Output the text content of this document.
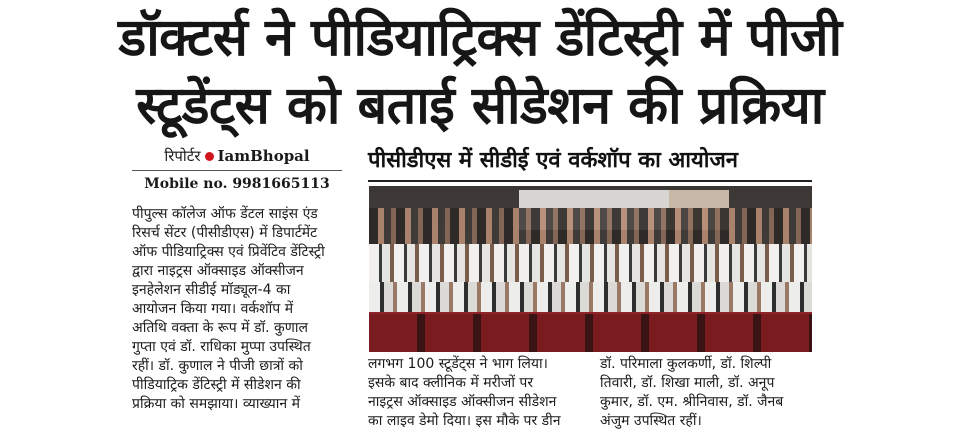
डॉक्टर्स ने पीडियाट्रिक्स डेंटिस्ट्री में पीजी
स्टूडेंट्स को बताई सीडेशन की प्रक्रिया
रिपोर्टर IamBhopal
Mobile no. 9981665113
पीसीडीएस में सीडीई एवं वर्कशॉप का आयोजन
पीपुल्स कॉलेज ऑफ डेंटल साइंस एंड
रिसर्च सेंटर (पीसीडीएस) में डिपार्टमेंट
ऑफ पीडियाट्रिक्स एवं प्रिवेंटिव डेंटिस्ट्री
द्वारा नाइट्रस ऑक्साइड ऑक्सीजन
इनहेलेशन सीडीई मॉड्यूल-4 का
आयोजन किया गया। वर्कशॉप में
अतिथि वक्ता के रूप में डॉ. कुणाल
गुप्ता एवं डॉ. राधिका मुप्पा उपस्थित
रहीं। डॉ. कुणाल ने पीजी छात्रों को
पीडियाट्रिक डेंटिस्ट्री में सीडेशन की
प्रक्रिया को समझाया। व्याख्यान में
लगभग 100 स्टूडेंट्स ने भाग लिया।
इसके बाद क्लीनिक में मरीजों पर
नाइट्रस ऑक्साइड ऑक्सीजन सीडेशन
का लाइव डेमो दिया। इस मौके पर डीन
डॉ. परिमाला कुलकर्णी, डॉ. शिल्पी
तिवारी, डॉ. शिखा माली, डॉ. अनूप
कुमार, डॉ. एम. श्रीनिवास, डॉ. जैनब
अंजुम उपस्थित रहीं।
